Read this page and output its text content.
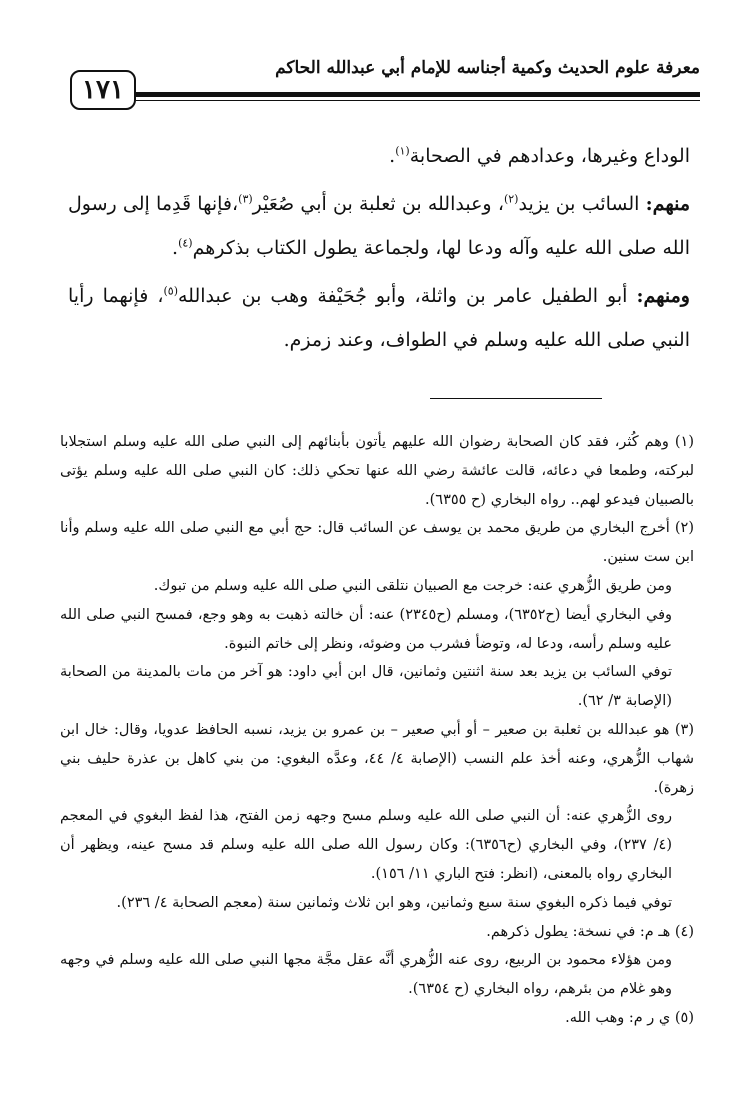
معرفة علوم الحديث وكمية أجناسه للإمام أبي عبدالله الحاكم
١٧١

الوداع وغيرها، وعدادهم في الصحابة$^{(١)}$.

منهم: السائب بن يزيد$^{(٢)}$، وعبدالله بن ثعلبة بن أبي صُعَيْر$^{(٣)}$،فإنها قَدِما إلى رسول الله صلى الله عليه وآله ودعا لها، ولجماعة يطول الكتاب بذكرهم$^{(٤)}$.

ومنهم: أبو الطفيل عامر بن واثلة، وأبو جُحَيْفة وهب بن عبدالله$^{(٥)}$، فإنهما رأيا النبي صلى الله عليه وسلم في الطواف، وعند زمزم.

(١) وهم كُثر، فقد كان الصحابة رضوان الله عليهم يأتون بأبنائهم إلى النبي صلى الله عليه وسلم استجلابا لبركته، وطمعا في دعائه، قالت عائشة رضي الله عنها تحكي ذلك: كان النبي صلى الله عليه وسلم يؤتى بالصبيان فيدعو لهم.. رواه البخاري (ح ٦٣٥٥).

(٢) أخرج البخاري من طريق محمد بن يوسف عن السائب قال: حج أبي مع النبي صلى الله عليه وسلم وأنا ابن ست سنين.

ومن طريق الزُّهري عنه: خرجت مع الصبيان نتلقى النبي صلى الله عليه وسلم من تبوك.

وفي البخاري أيضا (ح٦٣٥٢)، ومسلم (ح٢٣٤٥) عنه: أن خالته ذهبت به وهو وجع، فمسح النبي صلى الله عليه وسلم رأسه، ودعا له، وتوضأ فشرب من وضوئه، ونظر إلى خاتم النبوة.

توفي السائب بن يزيد بعد سنة اثنتين وثمانين، قال ابن أبي داود: هو آخر من مات بالمدينة من الصحابة (الإصابة ٣/ ٦٢).

(٣) هو عبدالله بن ثعلبة بن صعير – أو أبي صعير – بن عمرو بن يزيد، نسبه الحافظ عدويا، وقال: خال ابن شهاب الزُّهري، وعنه أخذ علم النسب (الإصابة ٤/ ٤٤، وعدَّه البغوي: من بني كاهل بن عذرة حليف بني زهرة).

روى الزُّهري عنه: أن النبي صلى الله عليه وسلم مسح وجهه زمن الفتح، هذا لفظ البغوي في المعجم (٤/ ٢٣٧)، وفي البخاري (ح٦٣٥٦): وكان رسول الله صلى الله عليه وسلم قد مسح عينه، ويظهر أن البخاري رواه بالمعنى، (انظر: فتح الباري ١١/ ١٥٦).

توفي فيما ذكره البغوي سنة سبع وثمانين، وهو ابن ثلاث وثمانين سنة (معجم الصحابة ٤/ ٢٣٦).

(٤) هـ م: في نسخة: يطول ذكرهم.

ومن هؤلاء محمود بن الربيع، روى عنه الزُّهري أنَّه عقل مجَّة مجها النبي صلى الله عليه وسلم في وجهه وهو غلام من بئرهم، رواه البخاري (ح ٦٣٥٤).

(٥) ي ر م: وهب الله.
